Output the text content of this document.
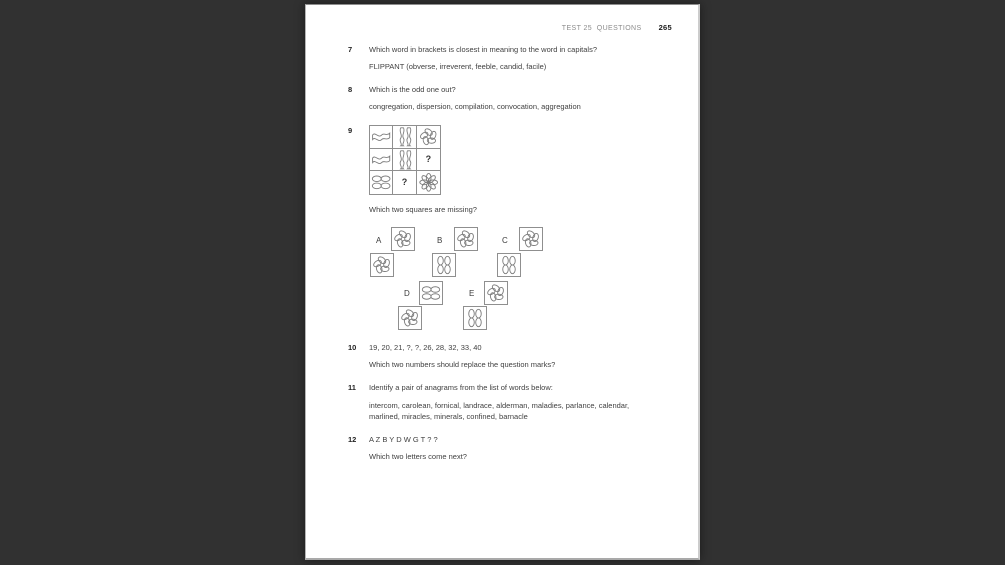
TEST 25  QUESTIONS 265
7	Which word in brackets is closest in meaning to the word in capitals?
FLIPPANT (obverse, irreverent, feeble, candid, facile)
8	Which is the odd one out?
congregation, dispersion, compilation, convocation, aggregation
9
?
?
Which two squares are missing?
A	B	C
D	E
10	19, 20, 21, ?, ?, 26, 28, 32, 33, 40
Which two numbers should replace the question marks?
11	Identify a pair of anagrams from the list of words below:
intercom, carolean, fornical, landrace, alderman, maladies, parlance, calendar,
marlined, miracles, minerals, confined, barnacle
12	A Z B Y D W G T ? ?
Which two letters come next?
